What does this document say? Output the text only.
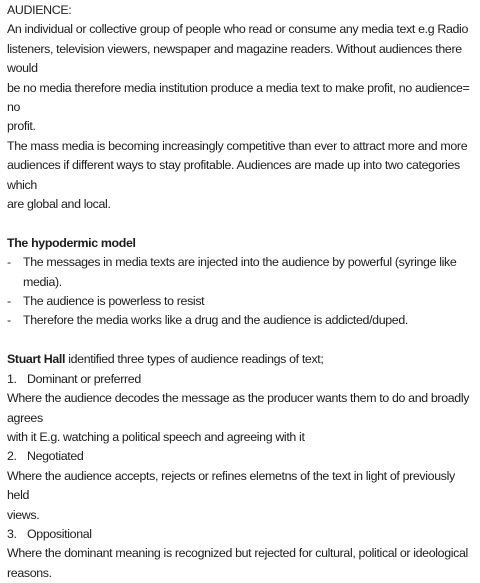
AUDIENCE:

An individual or collective group of people who read or consume any media text e.g Radio

listeners, television viewers, newspaper and magazine readers. Without audiences there would

be no media therefore media institution produce a media text to make profit, no audience= no

profit.

The mass media is becoming increasingly competitive than ever to attract more and more

audiences if different ways to stay profitable. Audiences are made up into two categories which

are global and local.

The hypodermic model

- The messages in media texts are injected into the audience by powerful (syringe like media).
- The audience is powerless to resist
- Therefore the media works like a drug and the audience is addicted/duped.

Stuart Hall identified three types of audience readings of text;

1. Dominant or preferred

Where the audience decodes the message as the producer wants them to do and broadly agrees

with it E.g. watching a political speech and agreeing with it

2. Negotiated

Where the audience accepts, rejects or refines elemetns of the text in light of previously held

views.

3. Oppositional

Where the dominant meaning is recognized but rejected for cultural, political or ideological

reasons.
